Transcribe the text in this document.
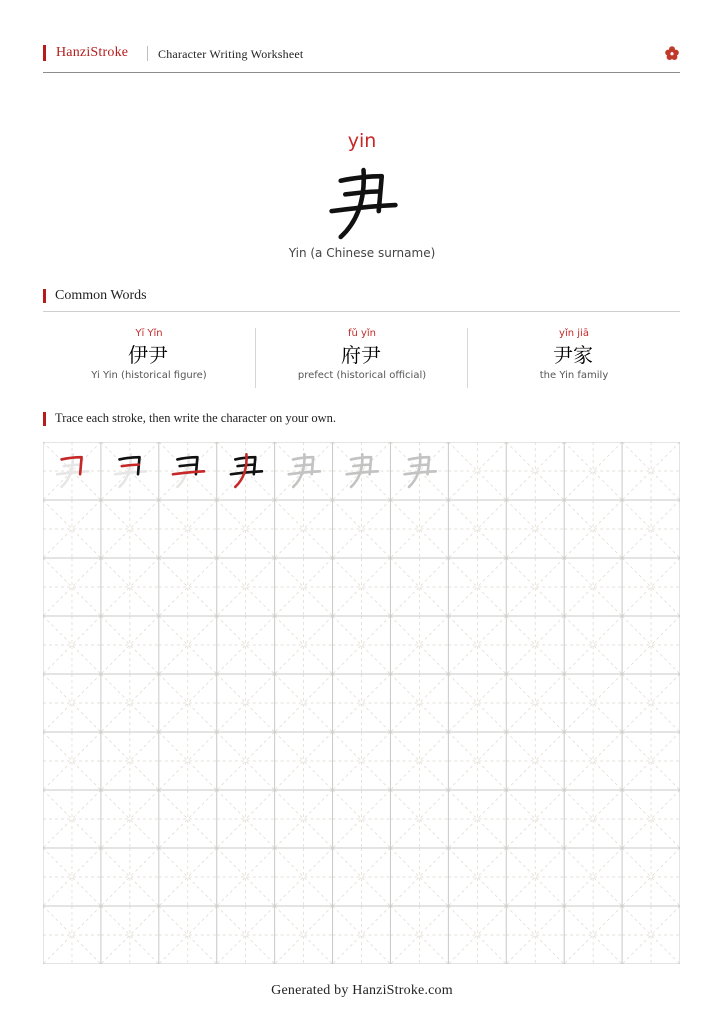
HanziStroke Character Writing Worksheet
yin
Yin (a Chinese surname)
Common Words
Yī Yǐn
伊尹
Yi Yin (historical figure)
fǔ yǐn
府尹
prefect (historical official)
yǐn jiā
尹家
the Yin family
Trace each stroke, then write the character on your own.
Generated by HanziStroke.com
